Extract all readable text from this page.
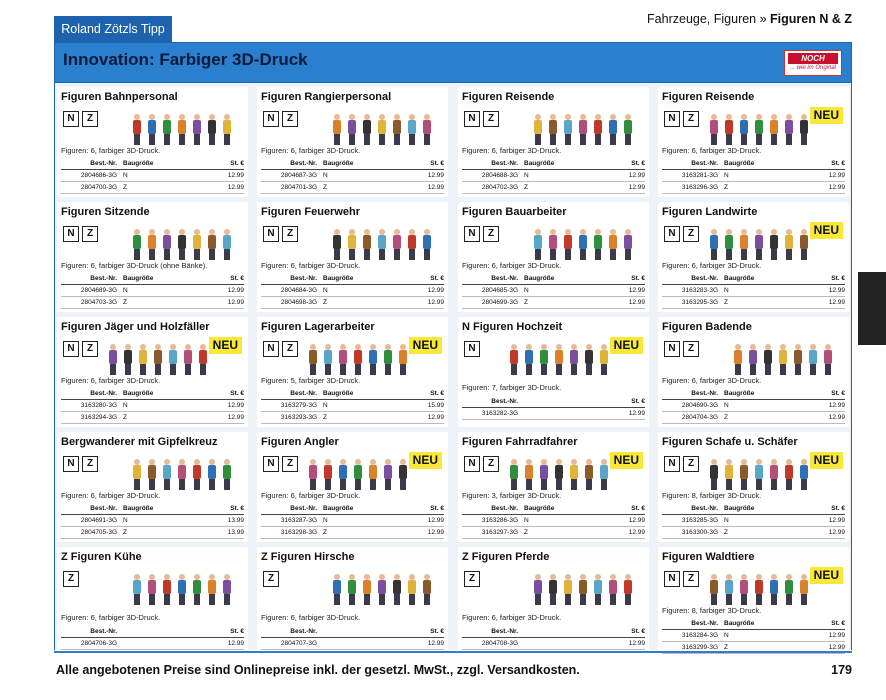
Roland Zötzls Tipp
Fahrzeuge, Figuren » Figuren N & Z
Innovation: Farbiger 3D-Druck	NOCH
... wie im Original
Figuren Bahnpersonal
N	Z
Figuren: 6, farbiger 3D-Druck.
Best.-Nr. Baugröße	St. €
2804686-3G N	12.99
2804700-3G Z	12.99
Figuren Rangierpersonal
N	Z
Figuren: 6, farbiger 3D-Druck.
Best.-Nr. Baugröße	St. €
2804687-3G N	12.99
2804701-3G Z	12.99
Figuren Reisende
N	Z
Figuren: 6, farbiger 3D-Druck.
Best.-Nr. Baugröße	St. €
2804688-3G N	12.99
2804702-3G Z	12.99
Figuren Reisende
N	Z	NEU
Figuren: 6, farbiger 3D-Druck.
Best.-Nr. Baugröße	St. €
3163281-3G N	12.99
3163296-3G Z	12.99
Figuren Sitzende
N	Z
Figuren: 6, farbiger 3D-Druck (ohne Bänke).
Best.-Nr. Baugröße	St. €
2804689-3G N	12.99
2804703-3G Z	12.99
Figuren Feuerwehr
N	Z
Figuren: 6, farbiger 3D-Druck.
Best.-Nr. Baugröße	St. €
2804684-3G N	12.99
2804698-3G Z	12.99
Figuren Bauarbeiter
N	Z
Figuren: 6, farbiger 3D-Druck.
Best.-Nr. Baugröße	St. €
2804685-3G N	12.99
2804699-3G Z	12.99
Figuren Landwirte
N	Z	NEU
Figuren: 6, farbiger 3D-Druck.
Best.-Nr. Baugröße	St. €
3163283-3G N	12.99
3163295-3G Z	12.99
Figuren Jäger und Holzfäller
N	Z	NEU
Figuren: 6, farbiger 3D-Druck.
Best.-Nr. Baugröße	St. €
3163280-3G N	12.99
3163294-3G Z	12.99
Figuren Lagerarbeiter
N	Z	NEU
Figuren: 5, farbiger 3D-Druck.
Best.-Nr. Baugröße	St. €
3163279-3G N	15.99
3163293-3G Z	12.99
N Figuren Hochzeit
N	NEU
Figuren: 7, farbiger 3D-Druck.
Best.-Nr.	St. €
3163282-3G	12.99
Figuren Badende
N	Z
Figuren: 6, farbiger 3D-Druck.
Best.-Nr. Baugröße	St. €
2804690-3G N	12.99
2804704-3G Z	12.99
Bergwanderer mit Gipfelkreuz
N	Z
Figuren: 6, farbiger 3D-Druck.
Best.-Nr. Baugröße	St. €
2804691-3G N	13.99
2804705-3G Z	13.99
Figuren Angler
N	Z	NEU
Figuren: 6, farbiger 3D-Druck.
Best.-Nr. Baugröße	St. €
3163287-3G N	12.99
3163298-3G Z	12.99
Figuren Fahrradfahrer
N	Z	NEU
Figuren: 3, farbiger 3D-Druck.
Best.-Nr. Baugröße	St. €
3163286-3G N	12.99
3163297-3G Z	12.99
Figuren Schafe u. Schäfer
N	Z	NEU
Figuren: 8, farbiger 3D-Druck.
Best.-Nr. Baugröße	St. €
3163285-3G N	12.99
3163300-3G Z	12.99
Z Figuren Kühe
Z
Figuren: 6, farbiger 3D-Druck.
Best.-Nr.	St. €
2804706-3G	12.99
Z Figuren Hirsche
Z
Figuren: 6, farbiger 3D-Druck.
Best.-Nr.	St. €
2804707-3G	12.99
Z Figuren Pferde
Z
Figuren: 6, farbiger 3D-Druck.
Best.-Nr.	St. €
2804708-3G	12.99
Figuren Waldtiere
N	Z	NEU
Figuren: 8, farbiger 3D-Druck.
Best.-Nr. Baugröße	St. €
3163284-3G N	12.99
3163299-3G Z	12.99
Alle angebotenen Preise sind Onlinepreise inkl. der gesetzl. MwSt., zzgl. Versandkosten.	179
